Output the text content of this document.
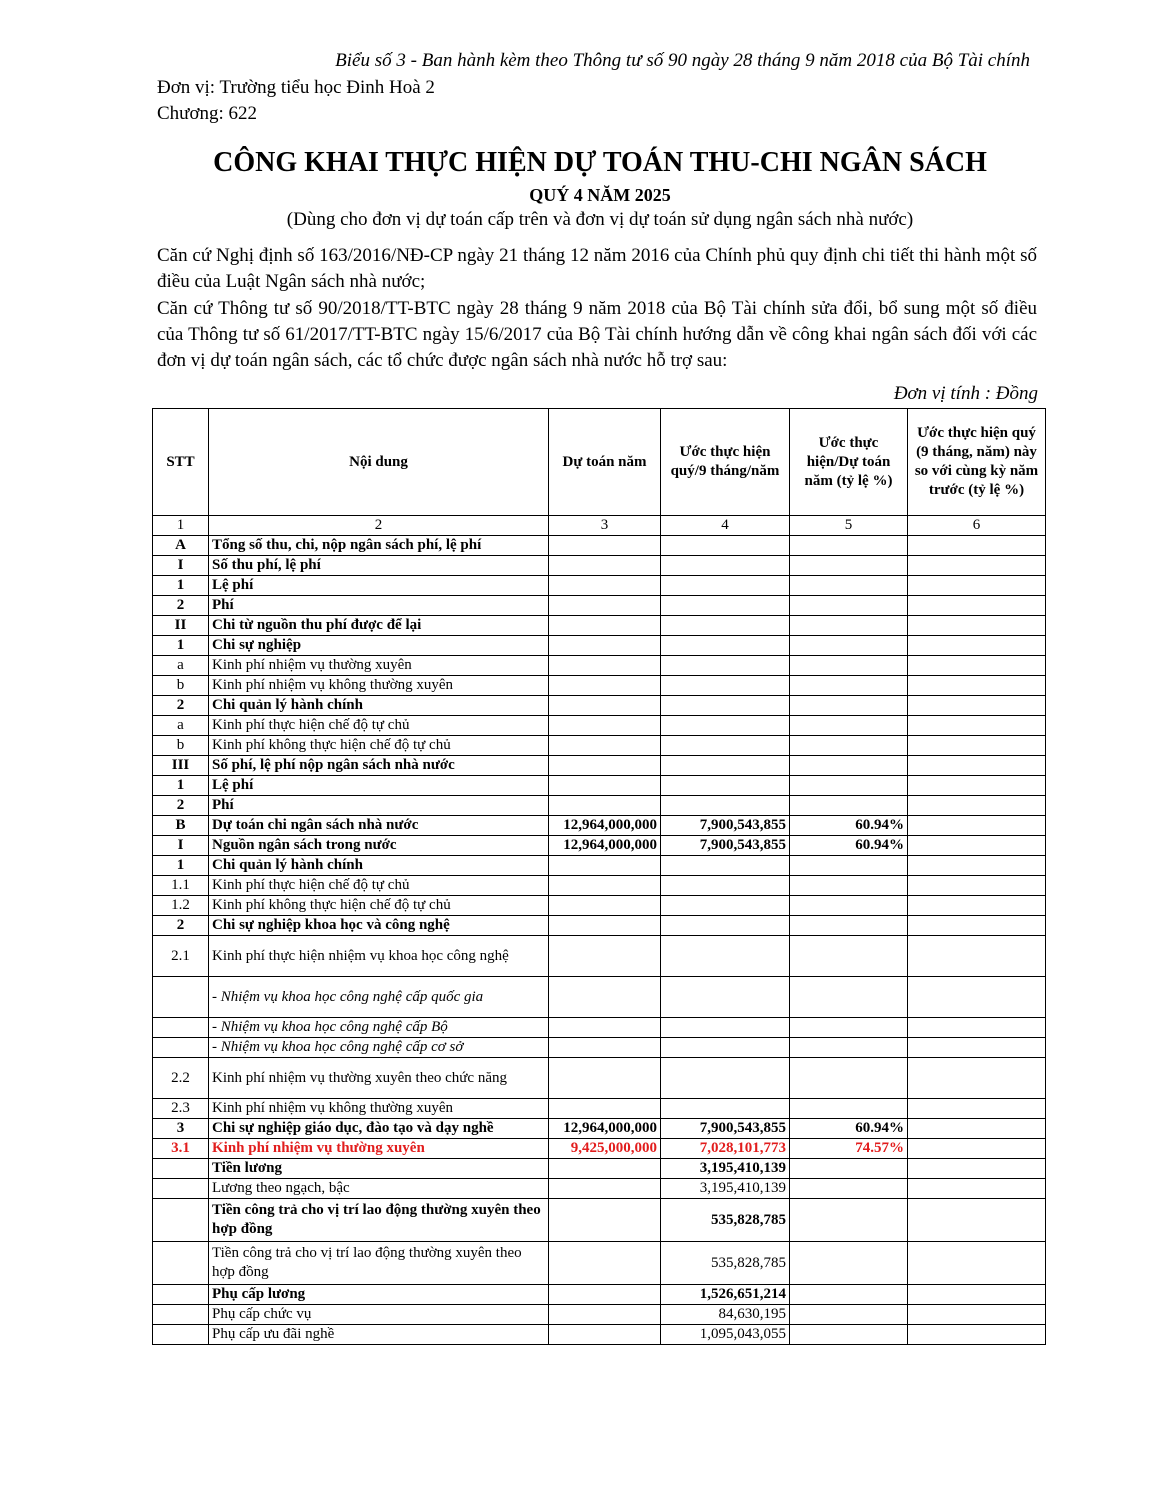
Biểu số 3 - Ban hành kèm theo Thông tư số 90 ngày 28 tháng 9 năm 2018 của Bộ Tài chính
Đơn vị: Trường tiểu học Đinh Hoà 2
Chương: 622
CÔNG KHAI THỰC HIỆN DỰ TOÁN THU-CHI NGÂN SÁCH
QUÝ 4 NĂM 2025
(Dùng cho đơn vị dự toán cấp trên và đơn vị dự toán sử dụng ngân sách nhà nước)
Căn cứ Nghị định số 163/2016/NĐ-CP ngày 21 tháng 12 năm 2016 của Chính phủ quy định chi tiết thi hành một số điều của Luật Ngân sách nhà nước;
Căn cứ Thông tư số 90/2018/TT-BTC ngày 28 tháng 9 năm 2018 của Bộ Tài chính sửa đổi, bổ sung một số điều của Thông tư số 61/2017/TT-BTC ngày 15/6/2017 của Bộ Tài chính hướng dẫn về công khai ngân sách đối với các đơn vị dự toán ngân sách, các tổ chức được ngân sách nhà nước hỗ trợ sau:
Đơn vị tính : Đồng
STT	Nội dung	Dự toán năm	Ước thực hiện quý/9 tháng/năm	Ước thực hiện/Dự toán năm (tỷ lệ %)	Ước thực hiện quý (9 tháng, năm) này so với cùng kỳ năm trước (tỷ lệ %)
1	2	3	4	5	6
A	Tổng số thu, chi, nộp ngân sách phí, lệ phí				
I	Số thu phí, lệ phí				
1	Lệ phí				
2	Phí				
II	Chi từ nguồn thu phí được để lại				
1	Chi sự nghiệp				
a	Kinh phí nhiệm vụ thường xuyên				
b	Kinh phí nhiệm vụ không thường xuyên				
2	Chi quản lý hành chính				
a	Kinh phí thực hiện chế độ tự chủ				
b	Kinh phí không thực hiện chế độ tự chủ				
III	Số phí, lệ phí nộp ngân sách nhà nước				
1	Lệ phí				
2	Phí				
B	Dự toán chi ngân sách nhà nước	12,964,000,000	7,900,543,855	60.94%	
I	Nguồn ngân sách trong nước	12,964,000,000	7,900,543,855	60.94%	
1	Chi quản lý hành chính				
1.1	Kinh phí thực hiện chế độ tự chủ				
1.2	Kinh phí không thực hiện chế độ tự chủ				
2	Chi sự nghiệp khoa học và công nghệ				
2.1	Kinh phí thực hiện nhiệm vụ khoa học công nghệ				
	- Nhiệm vụ khoa học công nghệ cấp quốc gia				
	- Nhiệm vụ khoa học công nghệ cấp Bộ				
	- Nhiệm vụ khoa học công nghệ cấp cơ sở				
2.2	Kinh phí nhiệm vụ thường xuyên theo chức năng				
2.3	Kinh phí nhiệm vụ không thường xuyên				
3	Chi sự nghiệp giáo dục, đào tạo và dạy nghề	12,964,000,000	7,900,543,855	60.94%	
3.1	Kinh phí nhiệm vụ thường xuyên	9,425,000,000	7,028,101,773	74.57%	
	Tiền lương		3,195,410,139		
	Lương theo ngạch, bậc		3,195,410,139		
	Tiền công trả cho vị trí lao động thường xuyên theo hợp đồng		535,828,785		
	Tiền công trả cho vị trí lao động thường xuyên theo hợp đồng		535,828,785		
	Phụ cấp lương		1,526,651,214		
	Phụ cấp chức vụ		84,630,195		
	Phụ cấp ưu đãi nghề		1,095,043,055		
